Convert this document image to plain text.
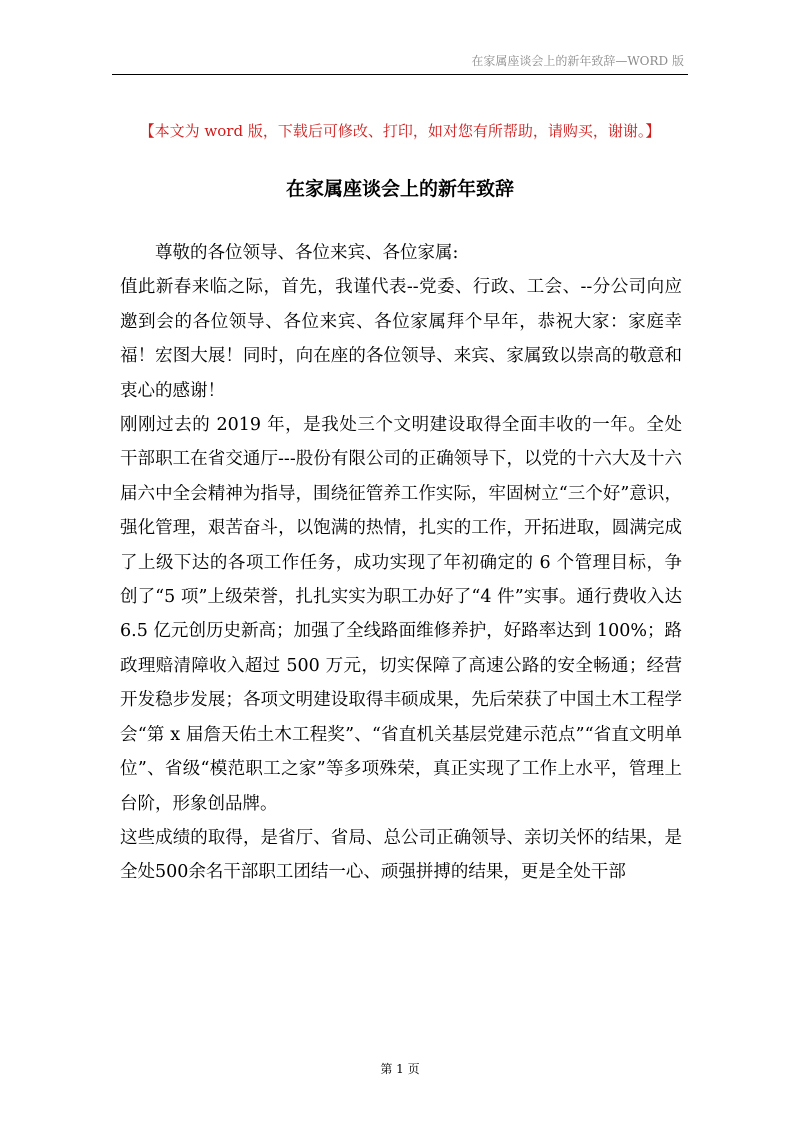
在家属座谈会上的新年致辞—WORD 版
【本文为 word 版，下载后可修改、打印，如对您有所帮助，请购买，谢谢。】
在家属座谈会上的新年致辞

尊敬的各位领导、各位来宾、各位家属:

值此新春来临之际，首先，我谨代表--党委、行政、工会、--分公司向应邀到会的各位领导、各位来宾、各位家属拜个早年，恭祝大家：家庭幸福！宏图大展！同时，向在座的各位领导、来宾、家属致以崇高的敬意和衷心的感谢！

刚刚过去的 2019 年，是我处三个文明建设取得全面丰收的一年。全处干部职工在省交通厅---股份有限公司的正确领导下，以党的十六大及十六届六中全会精神为指导，围绕征管养工作实际，牢固树立“三个好”意识，强化管理，艰苦奋斗，以饱满的热情，扎实的工作，开拓进取，圆满完成了上级下达的各项工作任务，成功实现了年初确定的 6 个管理目标，争创了“5 项”上级荣誉，扎扎实实为职工办好了“4 件”实事。通行费收入达 6.5 亿元创历史新高；加强了全线路面维修养护，好路率达到 100%；路政理赔清障收入超过 500 万元，切实保障了高速公路的安全畅通；经营开发稳步发展；各项文明建设取得丰硕成果，先后荣获了中国土木工程学会“第 x 届詹天佑土木工程奖”、“省直机关基层党建示范点”“省直文明单位”、省级“模范职工之家”等多项殊荣，真正实现了工作上水平，管理上台阶，形象创品牌。

这些成绩的取得，是省厅、省局、总公司正确领导、亲切关怀的结果，是全处500余名干部职工团结一心、顽强拼搏的结果，更是全处干部

第 1 页
